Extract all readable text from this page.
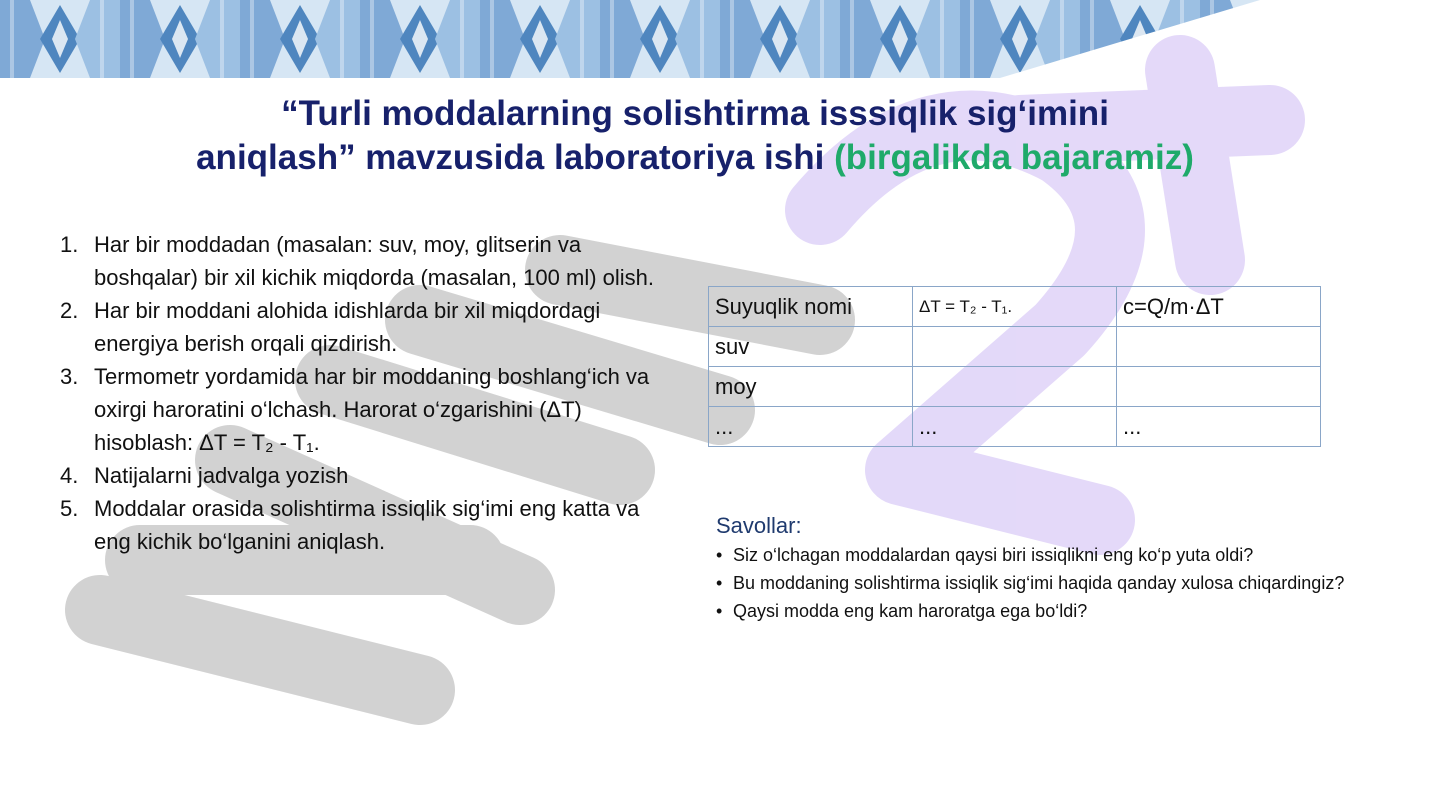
“Turli moddalarning solishtirma isssiqlik sig‘imini
aniqlash” mavzusida laboratoriya ishi (birgalikda bajaramiz)
1. Har bir moddadan (masalan: suv, moy, glitserin va boshqalar) bir xil kichik miqdorda (masalan, 100 ml) olish.
2. Har bir moddani alohida idishlarda bir xil miqdordagi energiya berish orqali qizdirish.
3. Termometr yordamida har bir moddaning boshlang‘ich va oxirgi haroratini o‘lchash. Harorat o‘zgarishini (ΔT) hisoblash: ΔT = T₂ - T₁.
4. Natijalarni jadvalga yozish
5. Moddalar orasida solishtirma issiqlik sig‘imi eng katta va eng kichik bo‘lganini aniqlash.
Suyuqlik nomi	ΔT = T₂ - T₁.	c=Q/m·ΔT
suv		
moy		
...	...	...
Savollar:
• Siz o‘lchagan moddalardan qaysi biri issiqlikni eng ko‘p yuta oldi?
• Bu moddaning solishtirma issiqlik sig‘imi haqida qanday xulosa chiqardingiz?
• Qaysi modda eng kam haroratga ega bo‘ldi?
